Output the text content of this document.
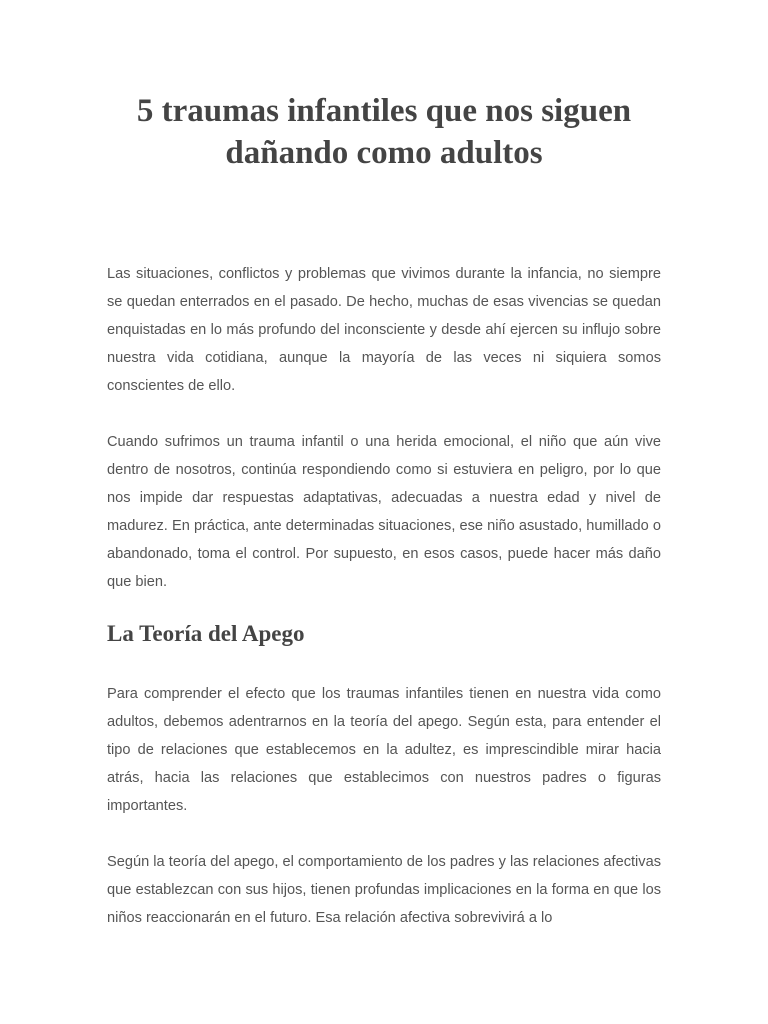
5 traumas infantiles que nos siguen dañando como adultos

Las situaciones, conflictos y problemas que vivimos durante la infancia, no siempre se quedan enterrados en el pasado. De hecho, muchas de esas vivencias se quedan enquistadas en lo más profundo del inconsciente y desde ahí ejercen su influjo sobre nuestra vida cotidiana, aunque la mayoría de las veces ni siquiera somos conscientes de ello.

Cuando sufrimos un trauma infantil o una herida emocional, el niño que aún vive dentro de nosotros, continúa respondiendo como si estuviera en peligro, por lo que nos impide dar respuestas adaptativas, adecuadas a nuestra edad y nivel de madurez. En práctica, ante determinadas situaciones, ese niño asustado, humillado o abandonado, toma el control. Por supuesto, en esos casos, puede hacer más daño que bien.

La Teoría del Apego

Para comprender el efecto que los traumas infantiles tienen en nuestra vida como adultos, debemos adentrarnos en la teoría del apego. Según esta, para entender el tipo de relaciones que establecemos en la adultez, es imprescindible mirar hacia atrás, hacia las relaciones que establecimos con nuestros padres o figuras importantes.

Según la teoría del apego, el comportamiento de los padres y las relaciones afectivas que establezcan con sus hijos, tienen profundas implicaciones en la forma en que los niños reaccionarán en el futuro. Esa relación afectiva sobrevivirá a lo
